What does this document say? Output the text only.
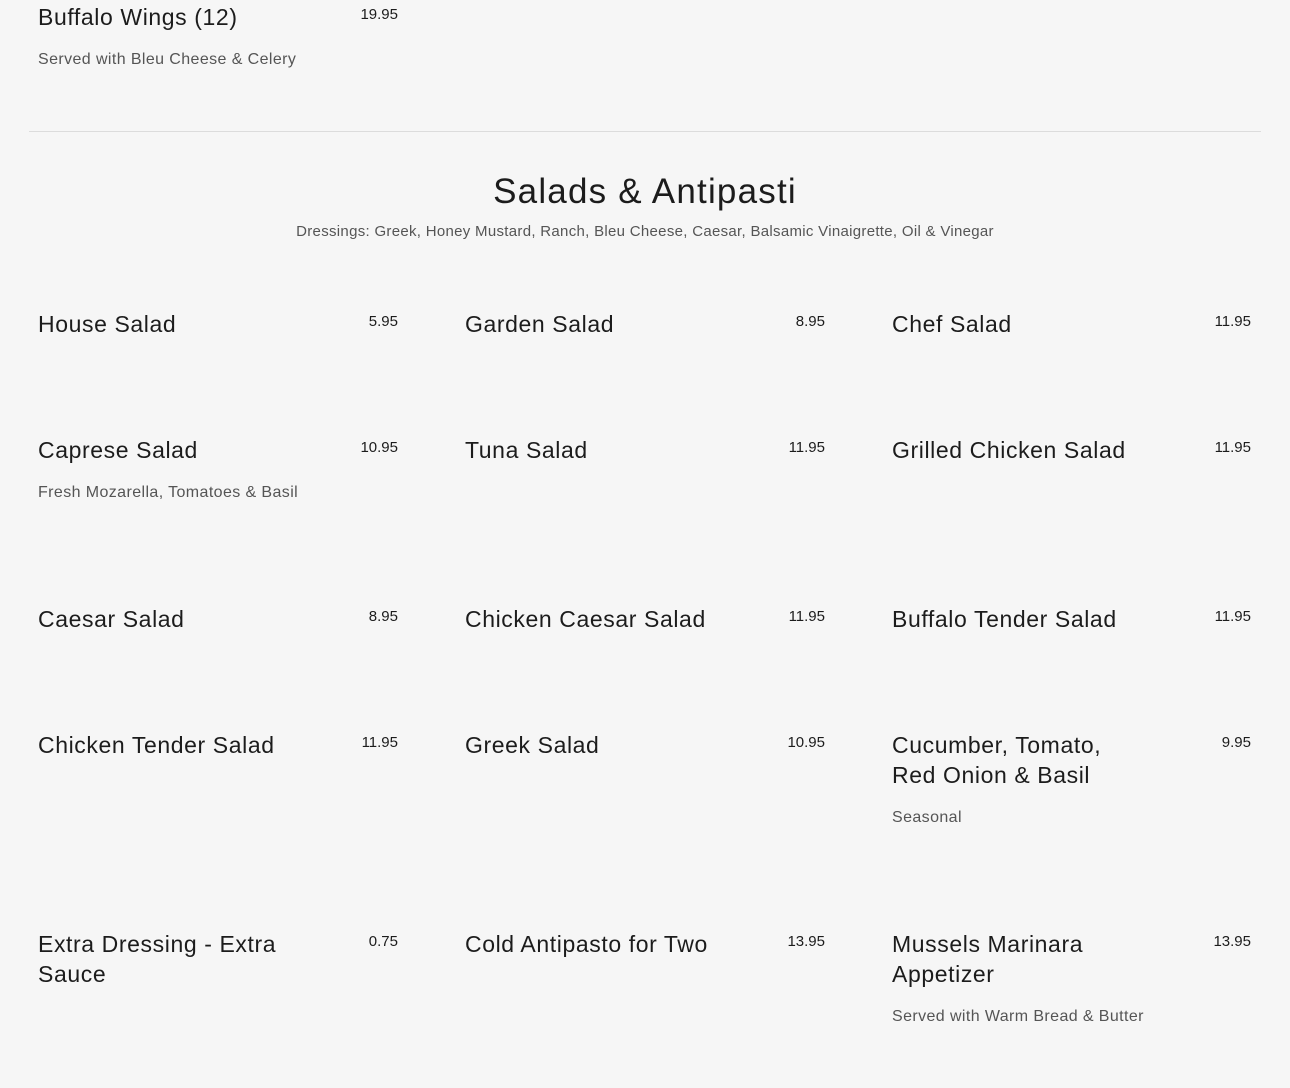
Buffalo Wings (12)	19.95
Served with Bleu Cheese & Celery
Salads & Antipasti
Dressings: Greek, Honey Mustard, Ranch, Bleu Cheese, Caesar, Balsamic Vinaigrette, Oil & Vinegar
House Salad	5.95	Garden Salad	8.95	Chef Salad	11.95
Caprese Salad	10.95
Fresh Mozarella, Tomatoes & Basil
Tuna Salad	11.95	Grilled Chicken Salad	11.95
Caesar Salad	8.95	Chicken Caesar Salad	11.95	Buffalo Tender Salad	11.95
Chicken Tender Salad	11.95	Greek Salad	10.95	Cucumber, Tomato, Red Onion & Basil
9.95
Seasonal
Extra Dressing - Extra Sauce
0.75	Cold Antipasto for Two	13.95	Mussels Marinara Appetizer
13.95
Served with Warm Bread & Butter
